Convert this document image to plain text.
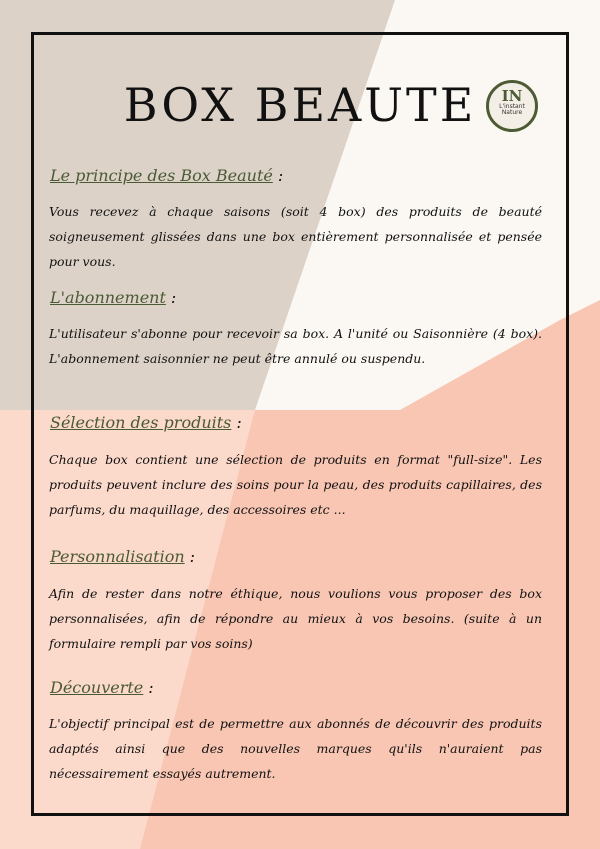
BOX BEAUTE	IN
L'instant
Nature
Le principe des Box Beauté :

Vous recevez à chaque saisons (soit 4 box) des produits de beauté soigneusement glissées dans une box entièrement personnalisée et pensée pour vous.

L'abonnement :

L'utilisateur s'abonne pour recevoir sa box. A l'unité ou Saisonnière (4 box). L'abonnement saisonnier ne peut être annulé ou suspendu.

Sélection des produits :

Chaque box contient une sélection de produits en format "full-size". Les produits peuvent inclure des soins pour la peau, des produits capillaires, des parfums, du maquillage, des accessoires etc ...

Personnalisation :

Afin de rester dans notre éthique, nous voulions vous proposer des box personnalisées, afin de répondre au mieux à vos besoins. (suite à un formulaire rempli par vos soins)

Découverte :

L'objectif principal est de permettre aux abonnés de découvrir des produits adaptés ainsi que des nouvelles marques qu'ils n'auraient pas nécessairement essayés autrement.
